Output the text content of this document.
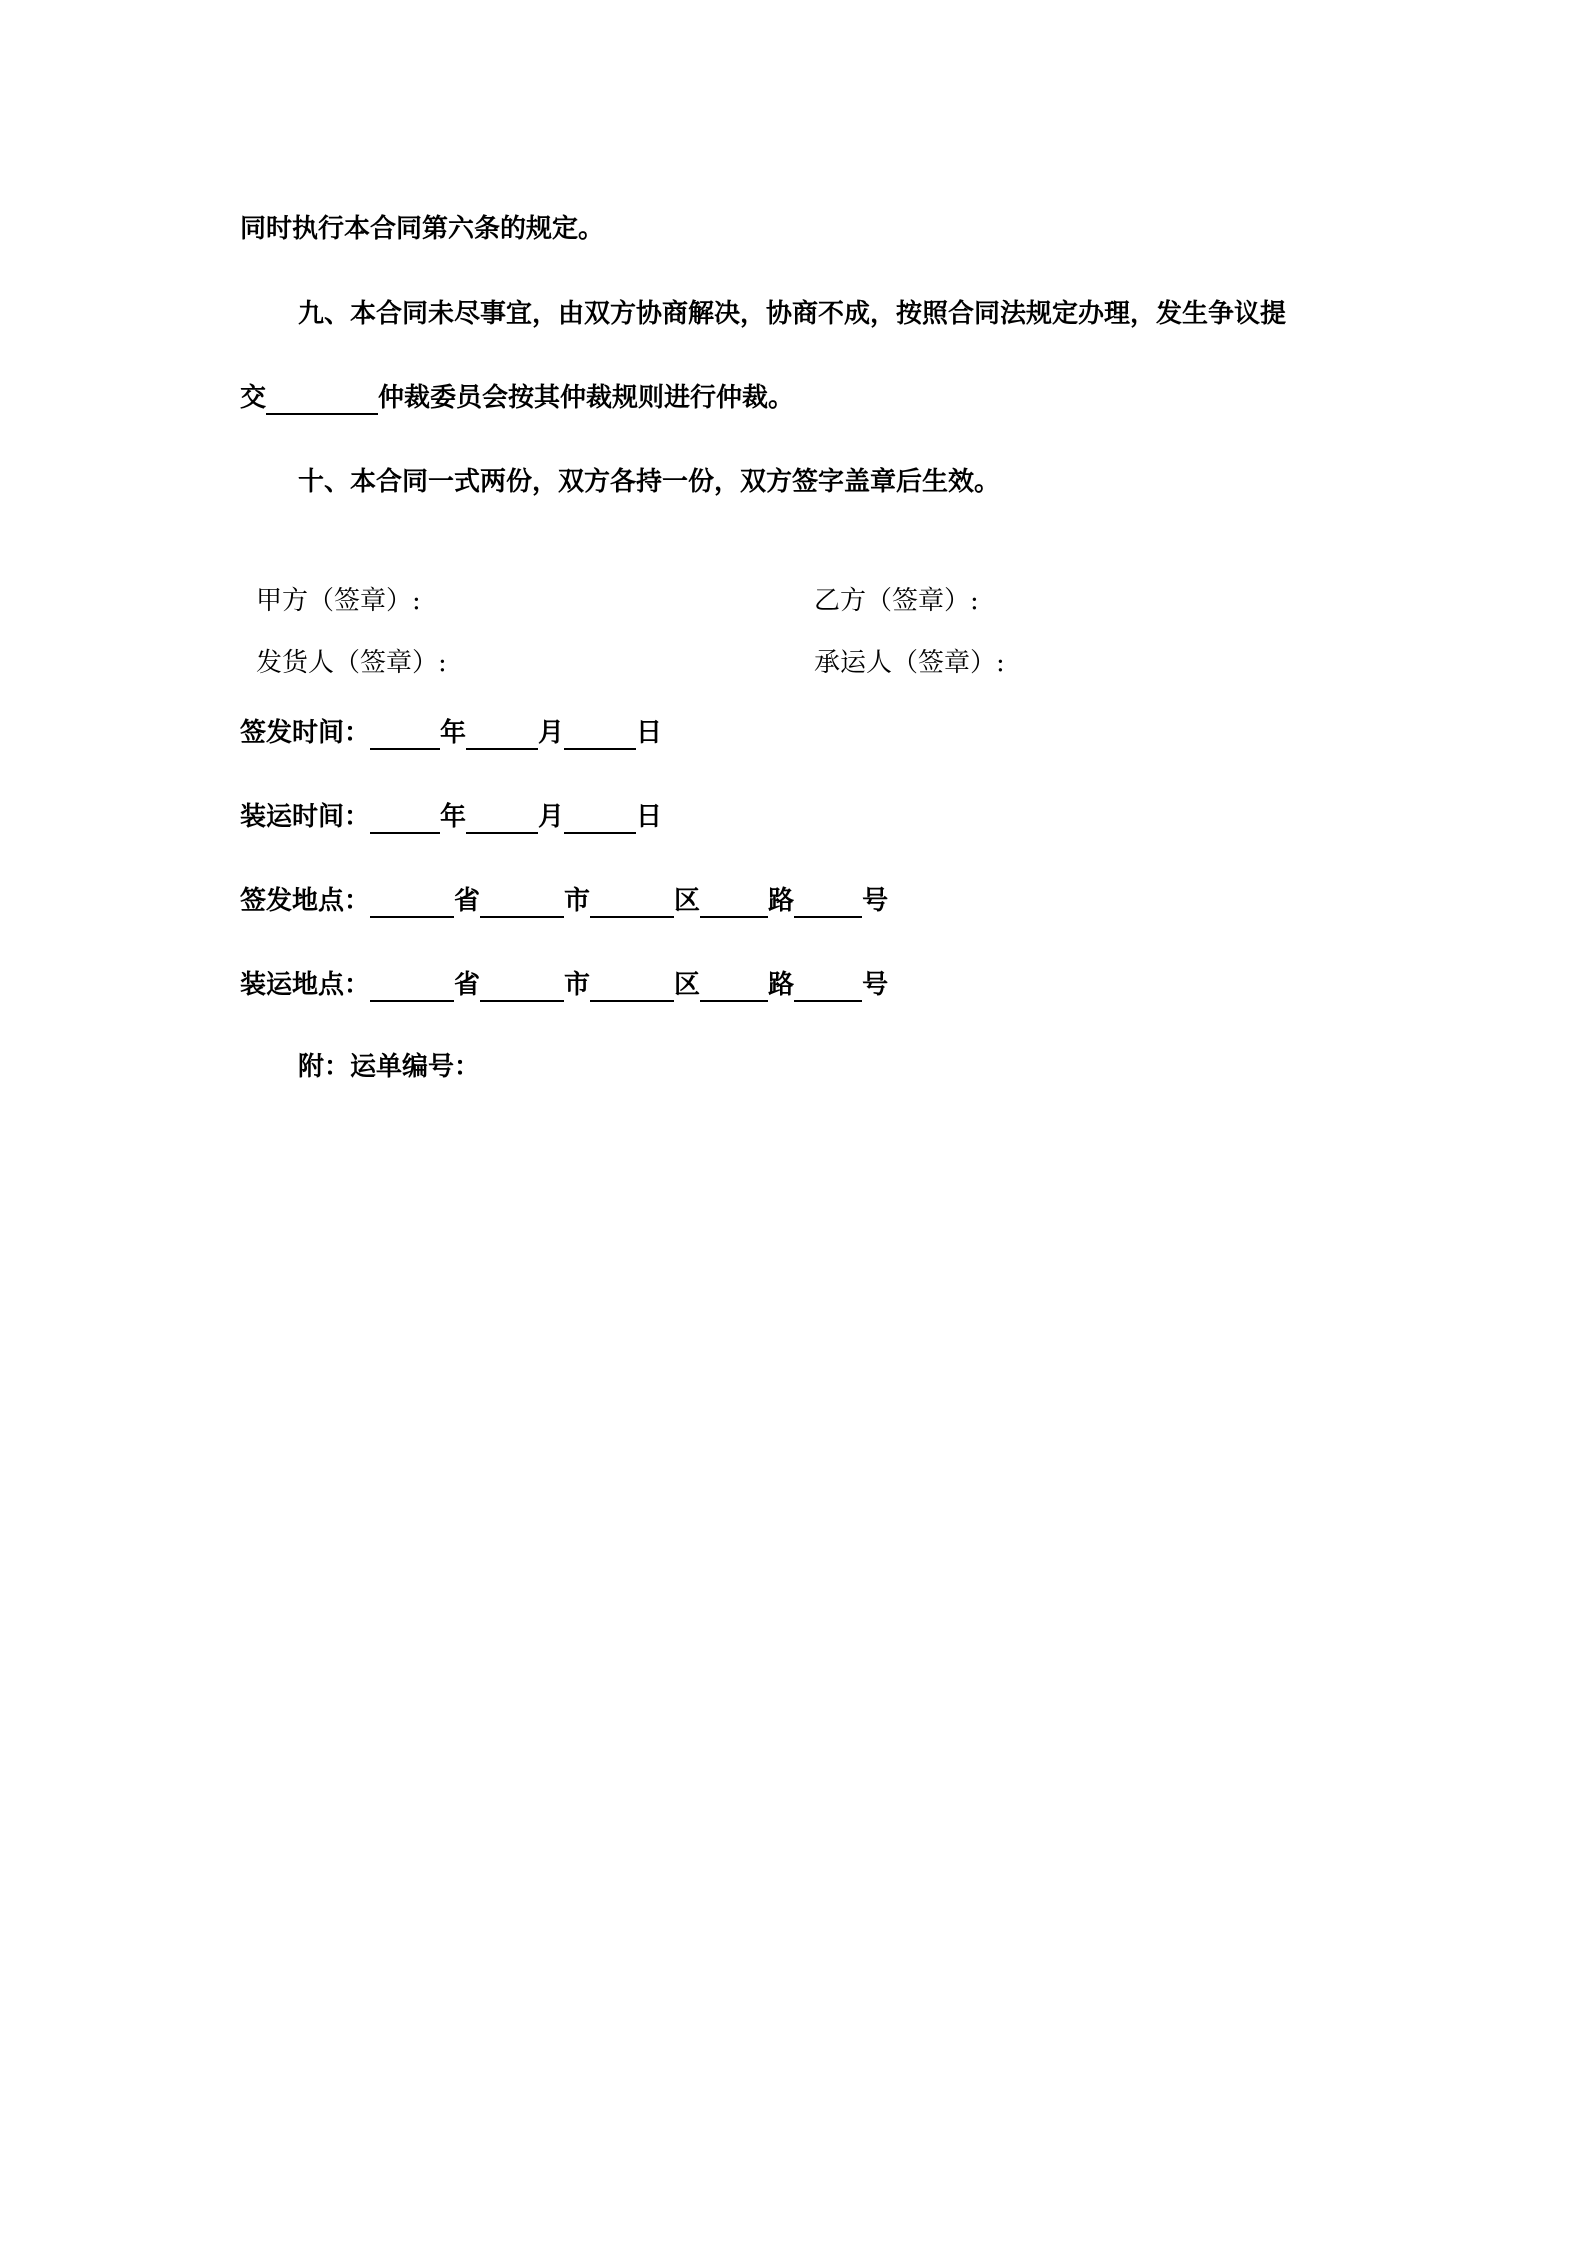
同时执行本合同第六条的规定。
九、本合同未尽事宜，由双方协商解决，协商不成，按照合同法规定办理，发生争议提
交	仲裁委员会按其仲裁规则进行仲裁。
十、本合同一式两份，双方各持一份，双方签字盖章后生效。
甲方（签章）:	乙方（签章）:
发货人（签章）:	承运人（签章）:
签发时间：	年	月	日
装运时间：	年	月	日
签发地点：	省	市	区	路	号
装运地点：	省	市	区	路	号
附：运单编号：
